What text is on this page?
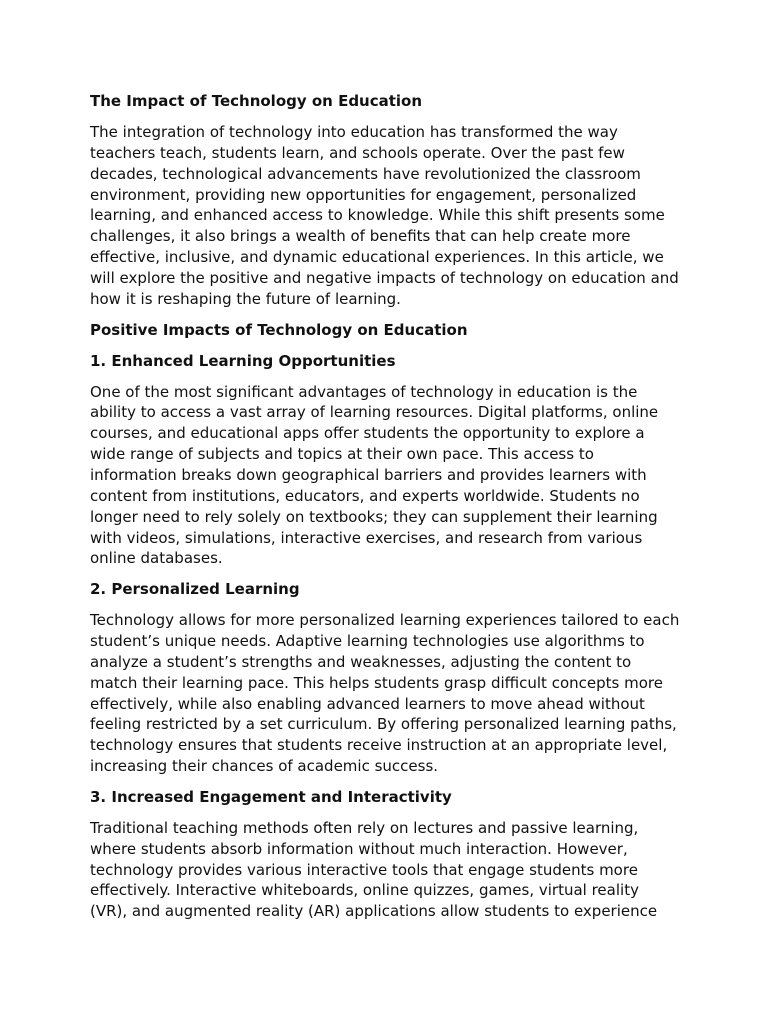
The Impact of Technology on Education

The integration of technology into education has transformed the way teachers teach, students learn, and schools operate. Over the past few decades, technological advancements have revolutionized the classroom environment, providing new opportunities for engagement, personalized learning, and enhanced access to knowledge. While this shift presents some challenges, it also brings a wealth of benefits that can help create more effective, inclusive, and dynamic educational experiences. In this article, we will explore the positive and negative impacts of technology on education and how it is reshaping the future of learning.

Positive Impacts of Technology on Education
1. Enhanced Learning Opportunities

One of the most significant advantages of technology in education is the ability to access a vast array of learning resources. Digital platforms, online courses, and educational apps offer students the opportunity to explore a wide range of subjects and topics at their own pace. This access to information breaks down geographical barriers and provides learners with content from institutions, educators, and experts worldwide. Students no longer need to rely solely on textbooks; they can supplement their learning with videos, simulations, interactive exercises, and research from various online databases.

2. Personalized Learning

Technology allows for more personalized learning experiences tailored to each student’s unique needs. Adaptive learning technologies use algorithms to analyze a student’s strengths and weaknesses, adjusting the content to match their learning pace. This helps students grasp difficult concepts more effectively, while also enabling advanced learners to move ahead without feeling restricted by a set curriculum. By offering personalized learning paths, technology ensures that students receive instruction at an appropriate level, increasing their chances of academic success.

3. Increased Engagement and Interactivity

Traditional teaching methods often rely on lectures and passive learning, where students absorb information without much interaction. However, technology provides various interactive tools that engage students more effectively. Interactive whiteboards, online quizzes, games, virtual reality (VR), and augmented reality (AR) applications allow students to experience
